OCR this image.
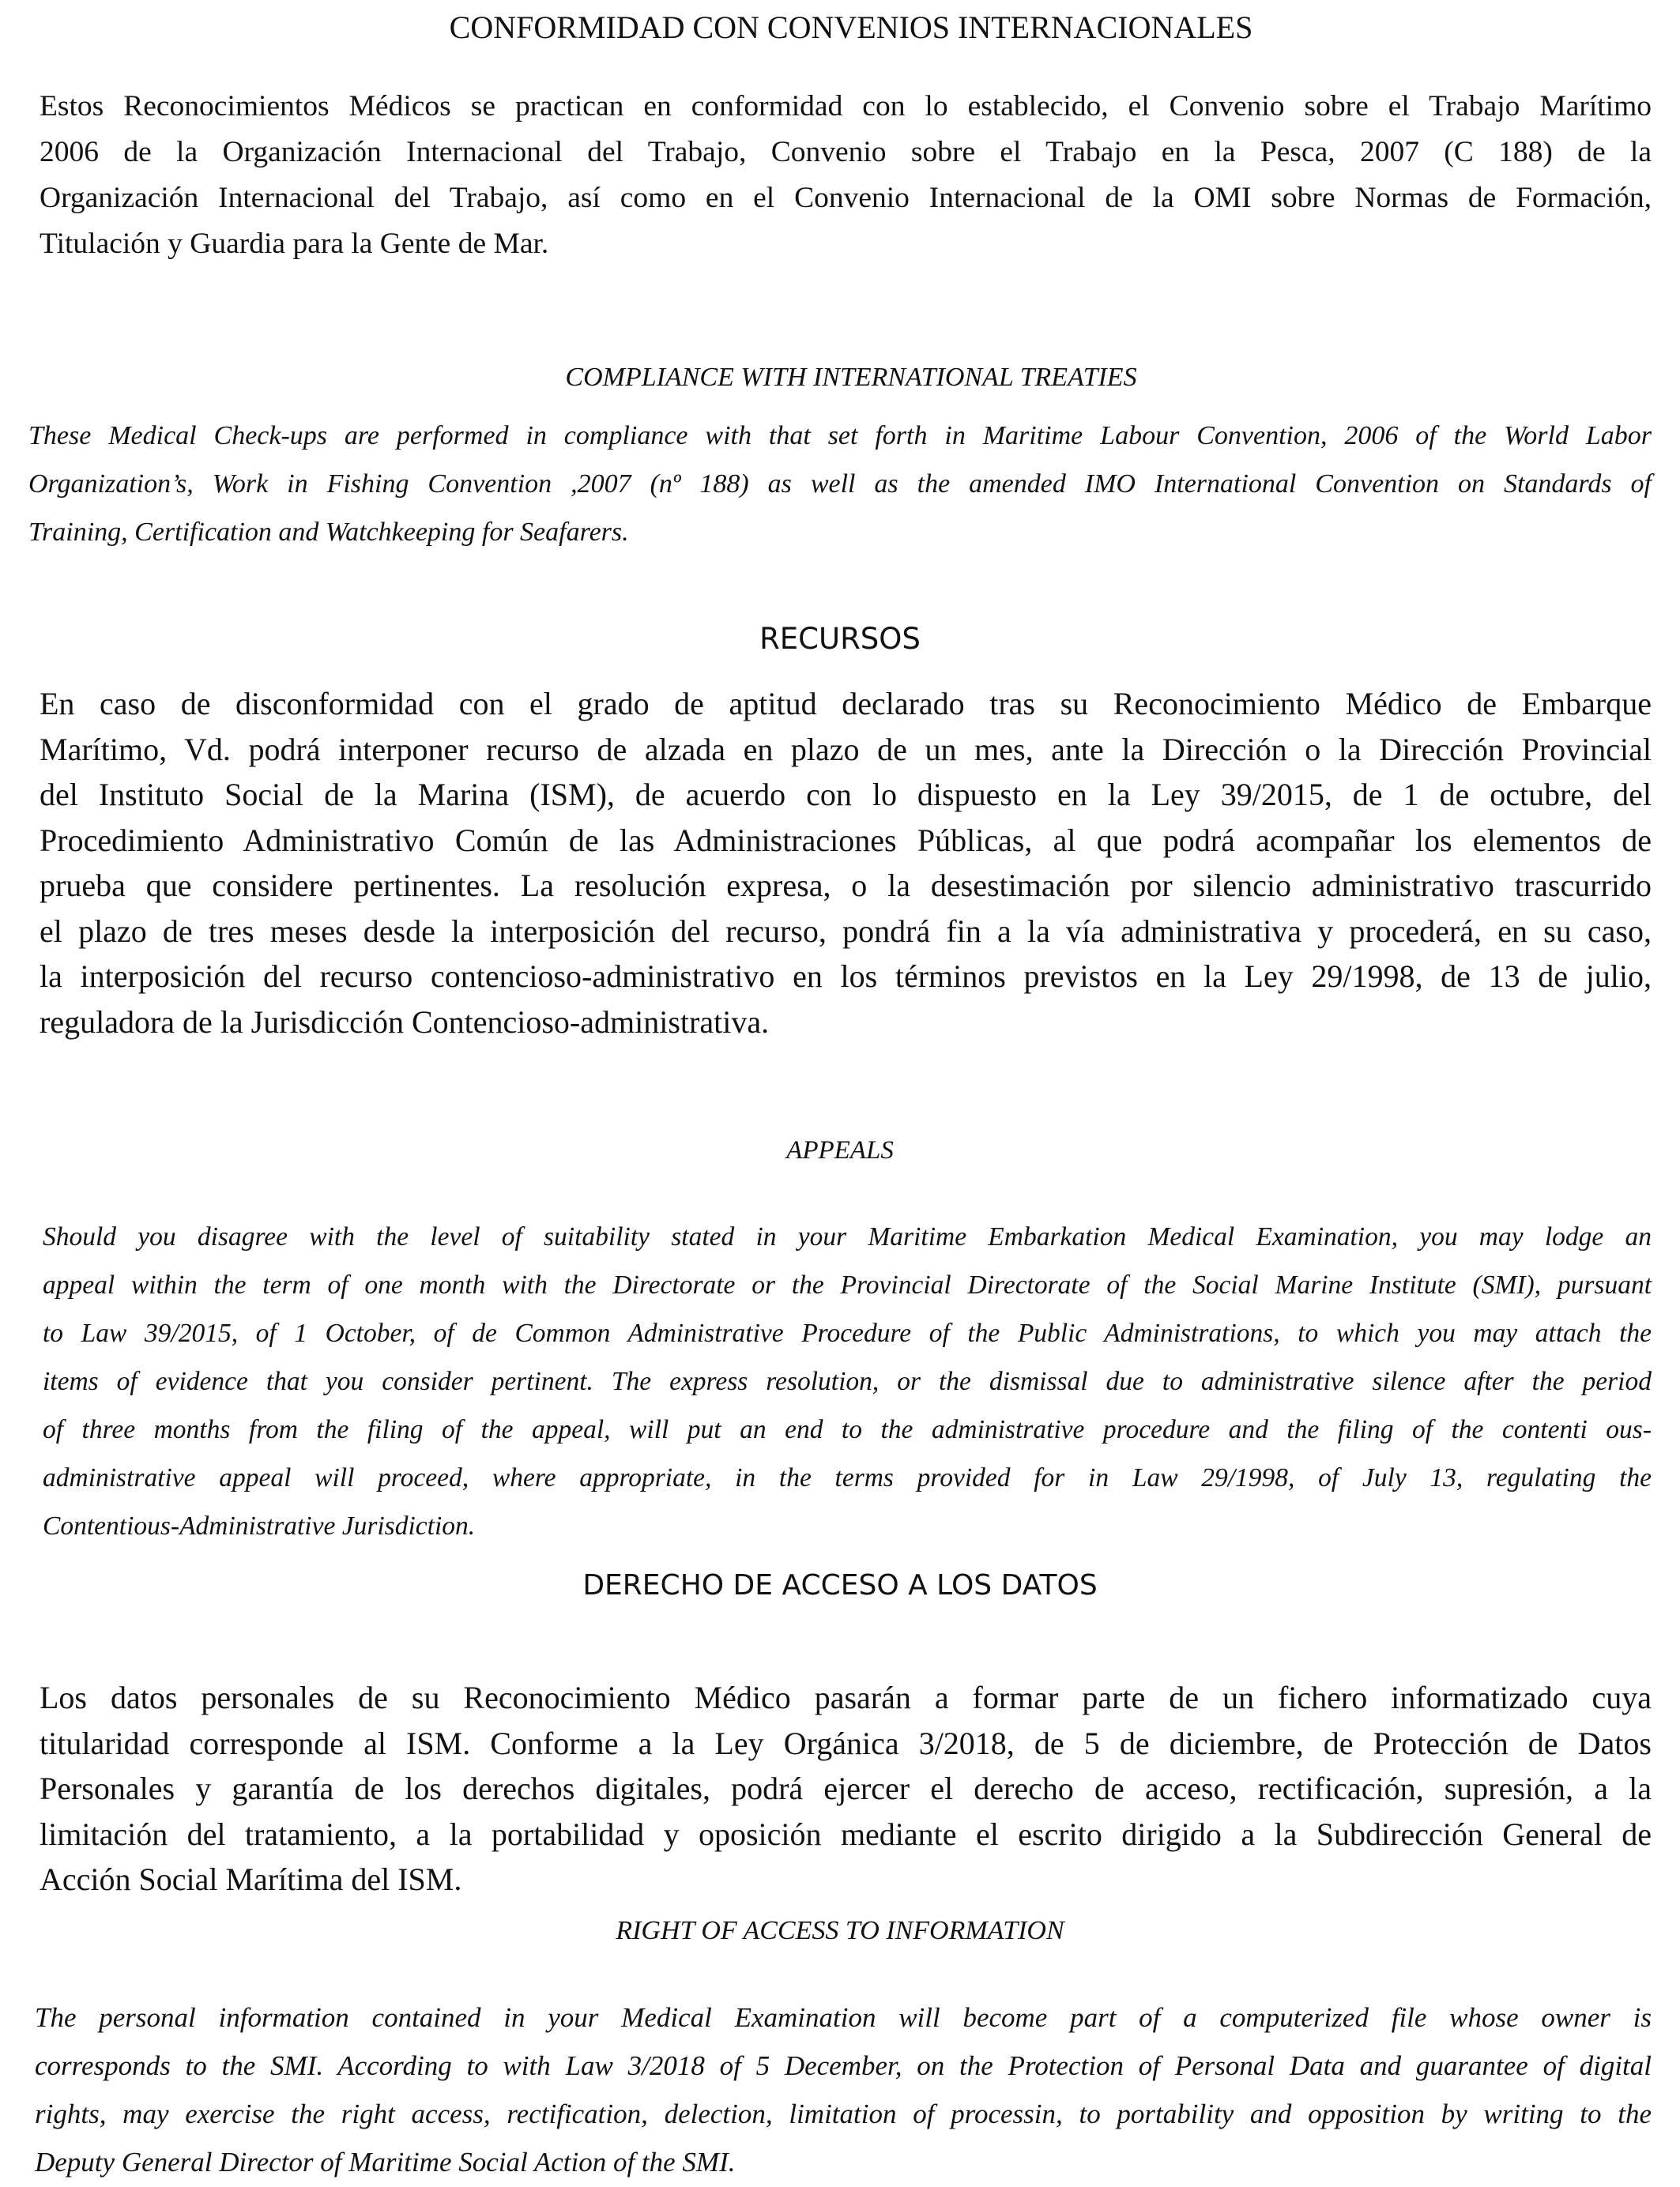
CONFORMIDAD CON CONVENIOS INTERNACIONALES
Estos Reconocimientos Médicos se practican en conformidad con lo establecido, el Convenio sobre el Trabajo Marítimo
2006 de la Organización Internacional del Trabajo, Convenio sobre el Trabajo en la Pesca, 2007 (C 188) de la
Organización Internacional del Trabajo, así como en el Convenio Internacional de la OMI sobre Normas de Formación,
Titulación y Guardia para la Gente de Mar.
COMPLIANCE WITH INTERNATIONAL TREATIES
These Medical Check-ups are performed in compliance with that set forth in Maritime Labour Convention, 2006 of the World Labor
Organization’s, Work in Fishing Convention ,2007 (nº 188) as well as the amended IMO International Convention on Standards of
Training, Certification and Watchkeeping for Seafarers.
RECURSOS
En caso de disconformidad con el grado de aptitud declarado tras su Reconocimiento Médico de Embarque
Marítimo, Vd. podrá interponer recurso de alzada en plazo de un mes, ante la Dirección o la Dirección Provincial
del Instituto Social de la Marina (ISM), de acuerdo con lo dispuesto en la Ley 39/2015, de 1 de octubre, del
Procedimiento Administrativo Común de las Administraciones Públicas, al que podrá acompañar los elementos de
prueba que considere pertinentes. La resolución expresa, o la desestimación por silencio administrativo trascurrido
el plazo de tres meses desde la interposición del recurso, pondrá fin a la vía administrativa y procederá, en su caso,
la interposición del recurso contencioso-administrativo en los términos previstos en la Ley 29/1998, de 13 de julio,
reguladora de la Jurisdicción Contencioso-administrativa.
APPEALS
Should you disagree with the level of suitability stated in your Maritime Embarkation Medical Examination, you may lodge an
appeal within the term of one month with the Directorate or the Provincial Directorate of the Social Marine Institute (SMI), pursuant
to Law 39/2015, of 1 October, of de Common Administrative Procedure of the Public Administrations, to which you may attach the
items of evidence that you consider pertinent. The express resolution, or the dismissal due to administrative silence after the period
of three months from the filing of the appeal, will put an end to the administrative procedure and the filing of the contenti ous-
administrative appeal will proceed, where appropriate, in the terms provided for in Law 29/1998, of July 13, regulating the
Contentious-Administrative Jurisdiction.
DERECHO DE ACCESO A LOS DATOS
Los datos personales de su Reconocimiento Médico pasarán a formar parte de un fichero informatizado cuya
titularidad corresponde al ISM. Conforme a la Ley Orgánica 3/2018, de 5 de diciembre, de Protección de Datos
Personales y garantía de los derechos digitales, podrá ejercer el derecho de acceso, rectificación, supresión, a la
limitación del tratamiento, a la portabilidad y oposición mediante el escrito dirigido a la Subdirección General de
Acción Social Marítima del ISM.
RIGHT OF ACCESS TO INFORMATION
The personal information contained in your Medical Examination will become part of a computerized file whose owner is
corresponds to the SMI. According to with Law 3/2018 of 5 December, on the Protection of Personal Data and guarantee of digital
rights, may exercise the right access, rectification, delection, limitation of processin, to portability and opposition by writing to the
Deputy General Director of Maritime Social Action of the SMI.
